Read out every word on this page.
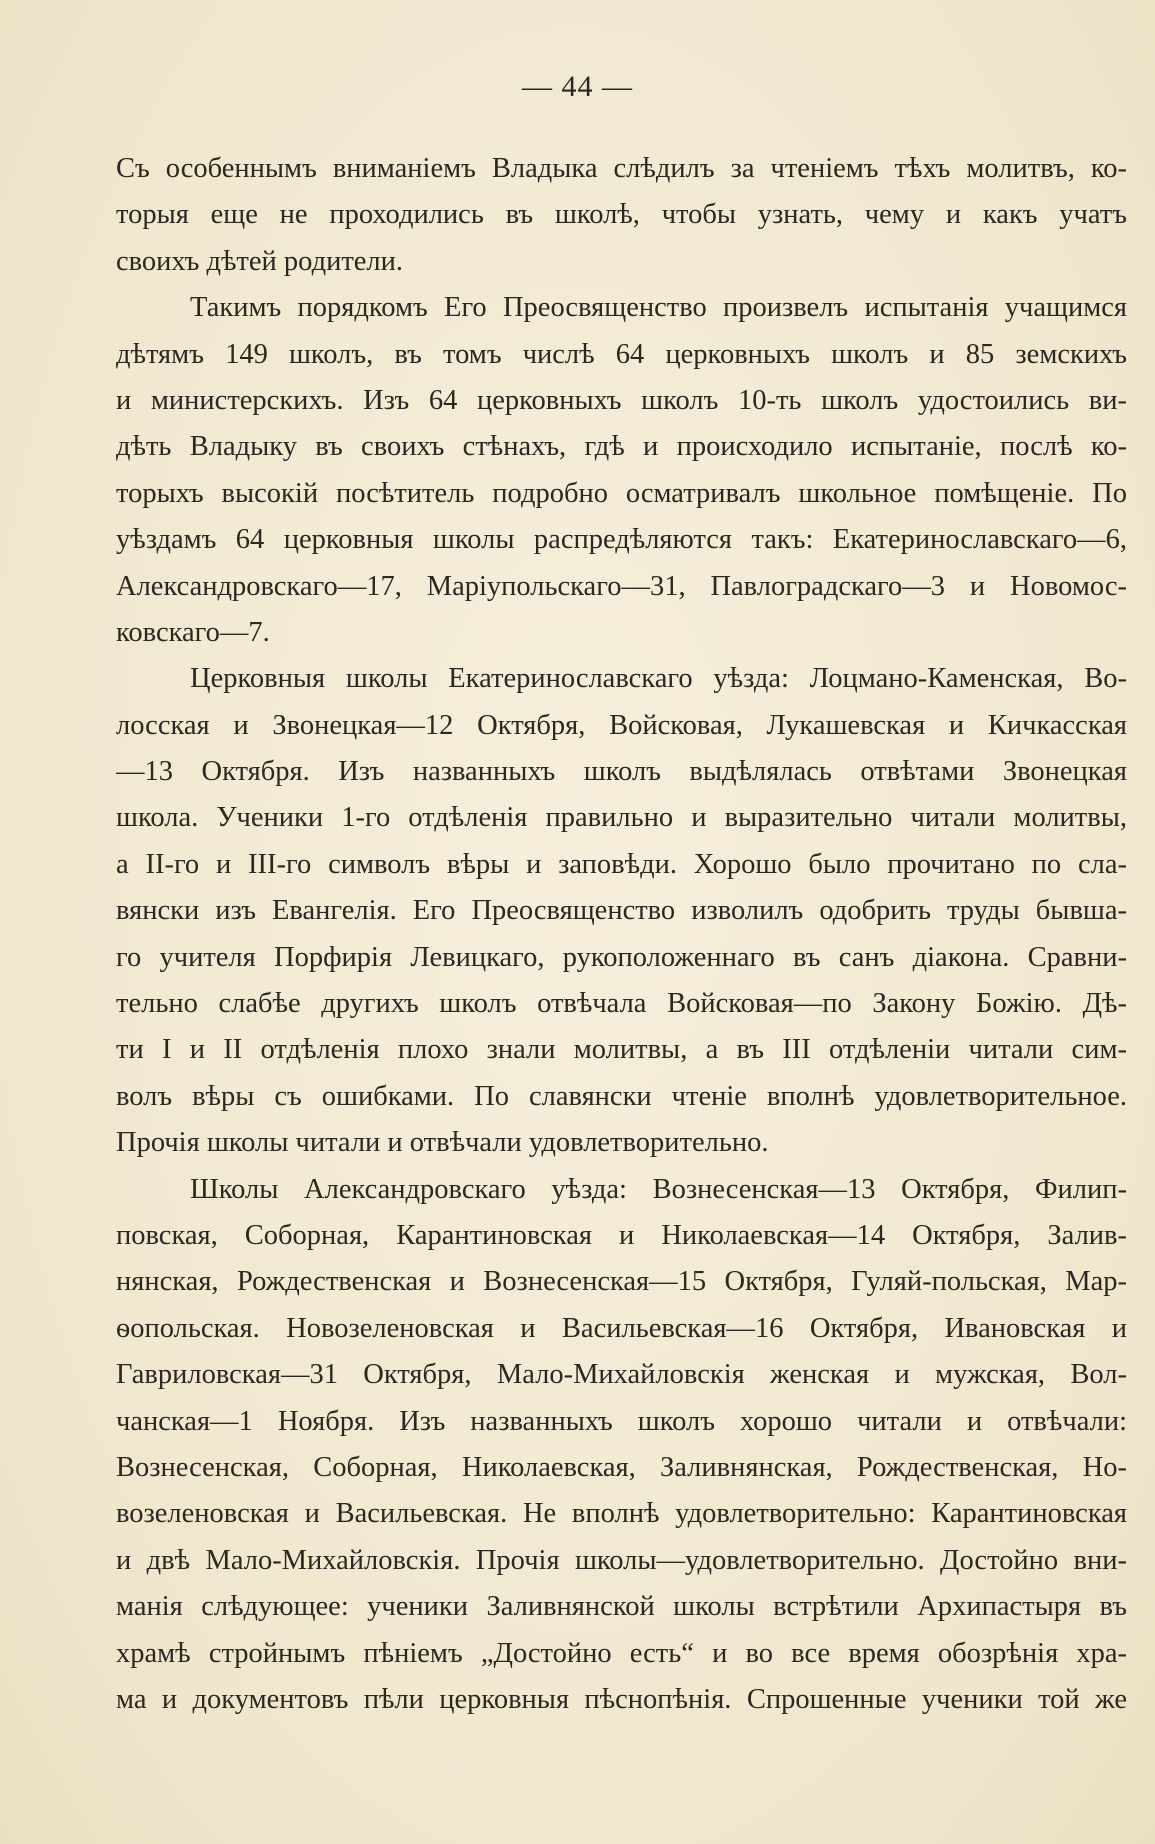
— 44 —
Съ особеннымъ вниманіемъ Владыка слѣдилъ за чтеніемъ тѣхъ молитвъ, ко-
торыя еще не проходились въ школѣ, чтобы узнать, чему и какъ учатъ
своихъ дѣтей родители.
Такимъ порядкомъ Его Преосвященство произвелъ испытанія учащимся
дѣтямъ 149 школъ, въ томъ числѣ 64 церковныхъ школъ и 85 земскихъ
и министерскихъ. Изъ 64 церковныхъ школъ 10-ть школъ удостоились ви-
дѣть Владыку въ своихъ стѣнахъ, гдѣ и происходило испытаніе, послѣ ко-
торыхъ высокій посѣтитель подробно осматривалъ школьное помѣщеніе. По
уѣздамъ 64 церковныя школы распредѣляются такъ: Екатеринославскаго—6,
Александровскаго—17, Маріупольскаго—31, Павлоградскаго—3 и Новомос-
ковскаго—7.
Церковныя школы Екатеринославскаго уѣзда: Лоцмано-Каменская, Во-
лосская и Звонецкая—12 Октября, Войсковая, Лукашевская и Кичкасская
—13 Октября. Изъ названныхъ школъ выдѣлялась отвѣтами Звонецкая
школа. Ученики 1-го отдѣленія правильно и выразительно читали молитвы,
а II-го и III-го символъ вѣры и заповѣди. Хорошо было прочитано по сла-
вянски изъ Евангелія. Его Преосвященство изволилъ одобрить труды бывша-
го учителя Порфирія Левицкаго, рукоположеннаго въ санъ діакона. Сравни-
тельно слабѣе другихъ школъ отвѣчала Войсковая—по Закону Божію. Дѣ-
ти I и II отдѣленія плохо знали молитвы, а въ III отдѣленіи читали сим-
волъ вѣры съ ошибками. По славянски чтеніе вполнѣ удовлетворительное.
Прочія школы читали и отвѣчали удовлетворительно.
Школы Александровскаго уѣзда: Вознесенская—13 Октября, Филип-
повская, Соборная, Карантиновская и Николаевская—14 Октября, Залив-
нянская, Рождественская и Вознесенская—15 Октября, Гуляй-польская, Мар-
ѳопольская. Новозеленовская и Васильевская—16 Октября, Ивановская и
Гавриловская—31 Октября, Мало-Михайловскія женская и мужская, Вол-
чанская—1 Ноября. Изъ названныхъ школъ хорошо читали и отвѣчали:
Вознесенская, Соборная, Николаевская, Заливнянская, Рождественская, Но-
возеленовская и Васильевская. Не вполнѣ удовлетворительно: Карантиновская
и двѣ Мало-Михайловскія. Прочія школы—удовлетворительно. Достойно вни-
манія слѣдующее: ученики Заливнянской школы встрѣтили Архипастыря въ
храмѣ стройнымъ пѣніемъ „Достойно есть“ и во все время обозрѣнія хра-
ма и документовъ пѣли церковныя пѣснопѣнія. Спрошенные ученики той же
